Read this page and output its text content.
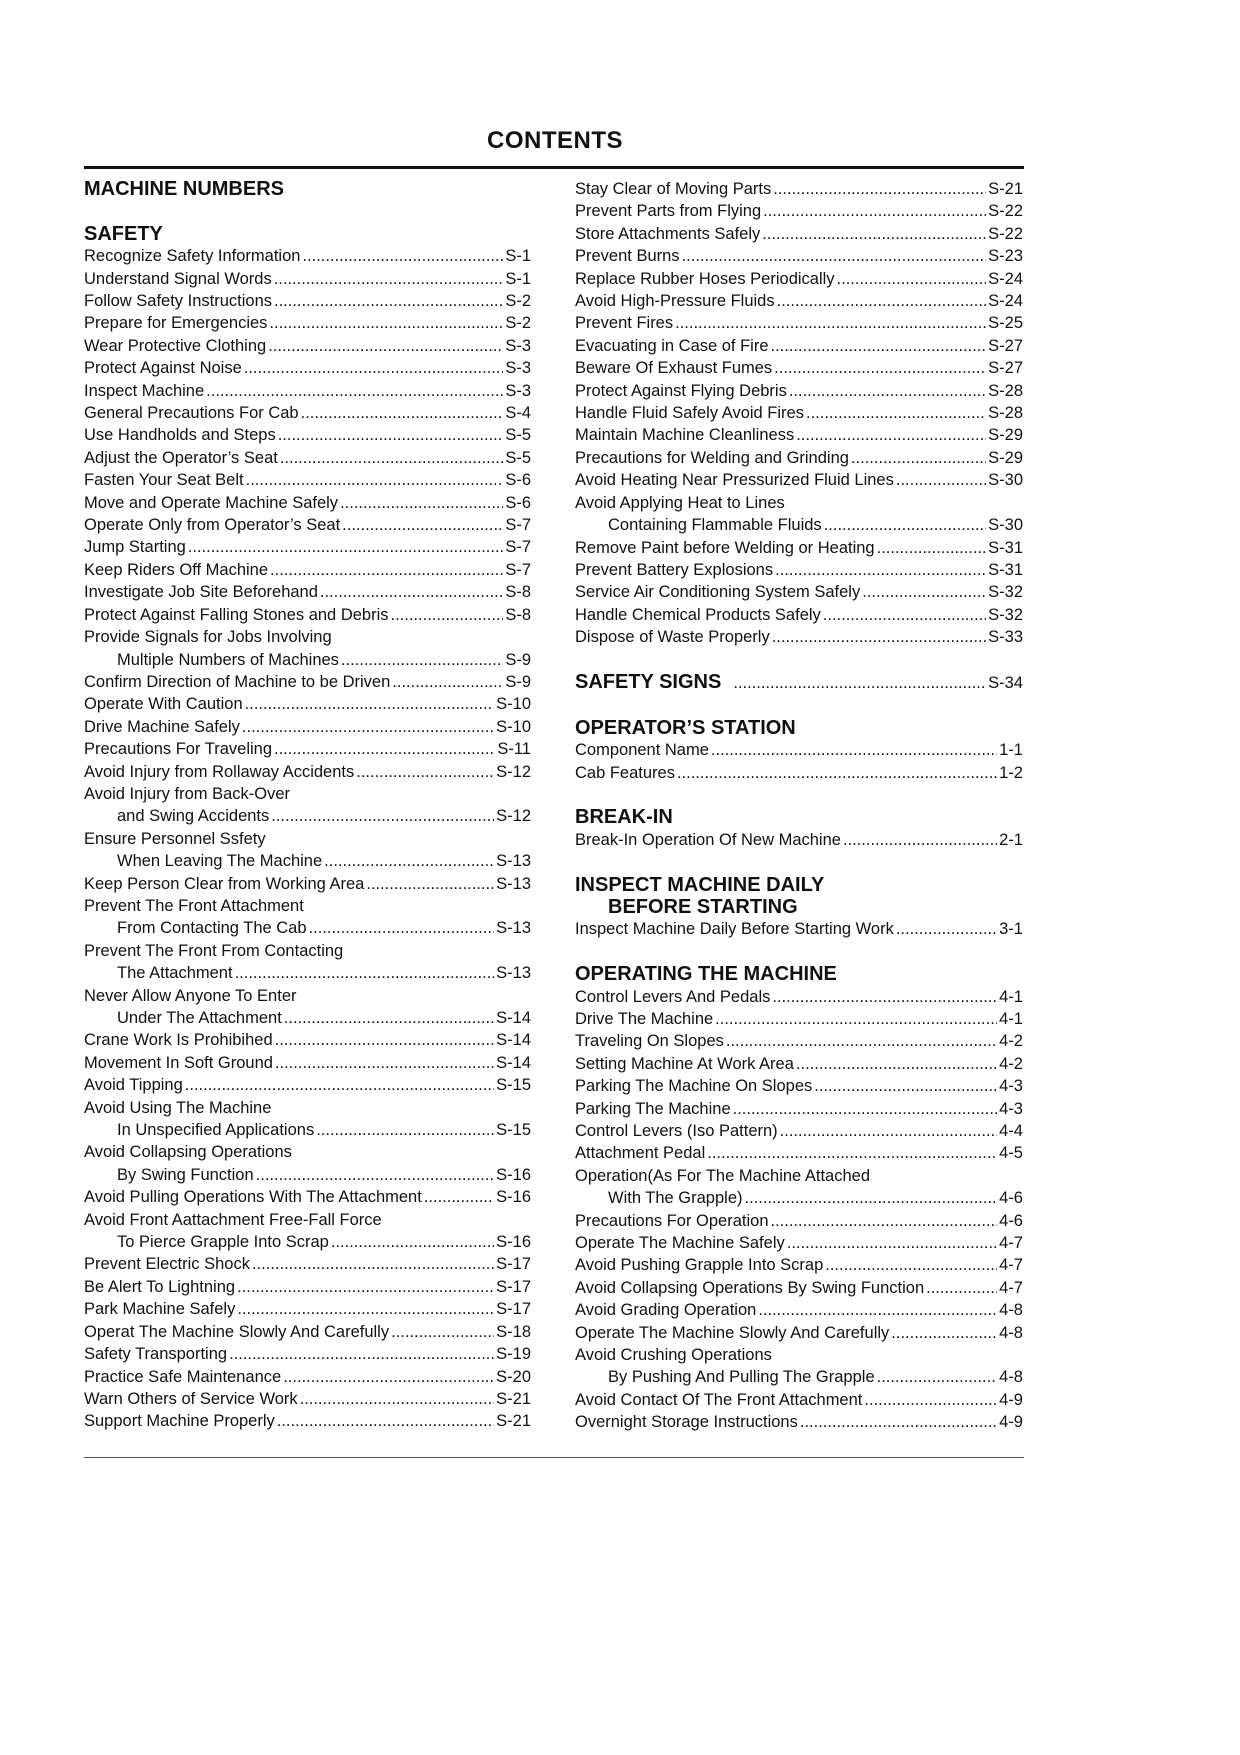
CONTENTS
MACHINE NUMBERS
SAFETY
Recognize Safety Information .....	S-1
Understand Signal Words .....	S-1
Follow Safety Instructions .....	S-2
Prepare for Emergencies .....	S-2
Wear Protective Clothing .....	S-3
Protect Against Noise .....	S-3
Inspect Machine .....	S-3
General Precautions For Cab .....	S-4
Use Handholds and Steps .....	S-5
Adjust the Operator’s Seat .....	S-5
Fasten Your Seat Belt .....	S-6
Move and Operate Machine Safely .....	S-6
Operate Only from Operator’s Seat .....	S-7
Jump Starting .....	S-7
Keep Riders Off Machine .....	S-7
Investigate Job Site Beforehand .....	S-8
Protect Against Falling Stones and Debris .....	S-8
Provide Signals for Jobs Involving
Multiple Numbers of Machines .....	S-9
Confirm Direction of Machine to be Driven .....	S-9
Operate With Caution .....	S-10
Drive Machine Safely .....	S-10
Precautions For Traveling .....	S-11
Avoid Injury from Rollaway Accidents .....	S-12
Avoid Injury from Back-Over
and Swing Accidents .....	S-12
Ensure Personnel Ssfety
When Leaving The Machine .....	S-13
Keep Person Clear from Working Area .....	S-13
Prevent The Front Attachment
From Contacting The Cab .....	S-13
Prevent The Front From Contacting
The Attachment .....	S-13
Never Allow Anyone To Enter
Under The Attachment .....	S-14
Crane Work Is Prohibihed .....	S-14
Movement In Soft Ground .....	S-14
Avoid Tipping .....	S-15
Avoid Using The Machine
In Unspecified Applications .....	S-15
Avoid Collapsing Operations
By Swing Function .....	S-16
Avoid Pulling Operations With The Attachment .....	S-16
Avoid Front Aattachment Free-Fall Force
To Pierce Grapple Into Scrap .....	S-16
Prevent Electric Shock .....	S-17
Be Alert To Lightning .....	S-17
Park Machine Safely .....	S-17
Operat The Machine Slowly And Carefully .....	S-18
Safety Transporting .....	S-19
Practice Safe Maintenance .....	S-20
Warn Others of Service Work .....	S-21
Support Machine Properly .....	S-21
Stay Clear of Moving Parts .....	S-21
Prevent Parts from Flying .....	S-22
Store Attachments Safely .....	S-22
Prevent Burns .....	S-23
Replace Rubber Hoses Periodically .....	S-24
Avoid High-Pressure Fluids .....	S-24
Prevent Fires .....	S-25
Evacuating in Case of Fire .....	S-27
Beware Of Exhaust Fumes .....	S-27
Protect Against Flying Debris .....	S-28
Handle Fluid Safely Avoid Fires .....	S-28
Maintain Machine Cleanliness .....	S-29
Precautions for Welding and Grinding .....	S-29
Avoid Heating Near Pressurized Fluid Lines .....	S-30
Avoid Applying Heat to Lines
Containing Flammable Fluids .....	S-30
Remove Paint before Welding or Heating .....	S-31
Prevent Battery Explosions .....	S-31
Service Air Conditioning System Safely .....	S-32
Handle Chemical Products Safely .....	S-32
Dispose of Waste Properly .....	S-33
SAFETY SIGNS .....	S-34
OPERATOR’S STATION
Component Name .....	1-1
Cab Features .....	1-2
BREAK-IN
Break-In Operation Of New Machine .....	2-1
INSPECT MACHINE DAILY
BEFORE STARTING
Inspect Machine Daily Before Starting Work .....	3-1
OPERATING THE MACHINE
Control Levers And Pedals .....	4-1
Drive The Machine .....	4-1
Traveling On Slopes .....	4-2
Setting Machine At Work Area .....	4-2
Parking The Machine On Slopes .....	4-3
Parking The Machine .....	4-3
Control Levers (Iso Pattern) .....	4-4
Attachment Pedal .....	4-5
Operation(As For The Machine Attached
With The Grapple) .....	4-6
Precautions For Operation .....	4-6
Operate The Machine Safely .....	4-7
Avoid Pushing Grapple Into Scrap .....	4-7
Avoid Collapsing Operations By Swing Function .....	4-7
Avoid Grading Operation .....	4-8
Operate The Machine Slowly And Carefully .....	4-8
Avoid Crushing Operations
By Pushing And Pulling The Grapple .....	4-8
Avoid Contact Of The Front Attachment .....	4-9
Overnight Storage Instructions .....	4-9
